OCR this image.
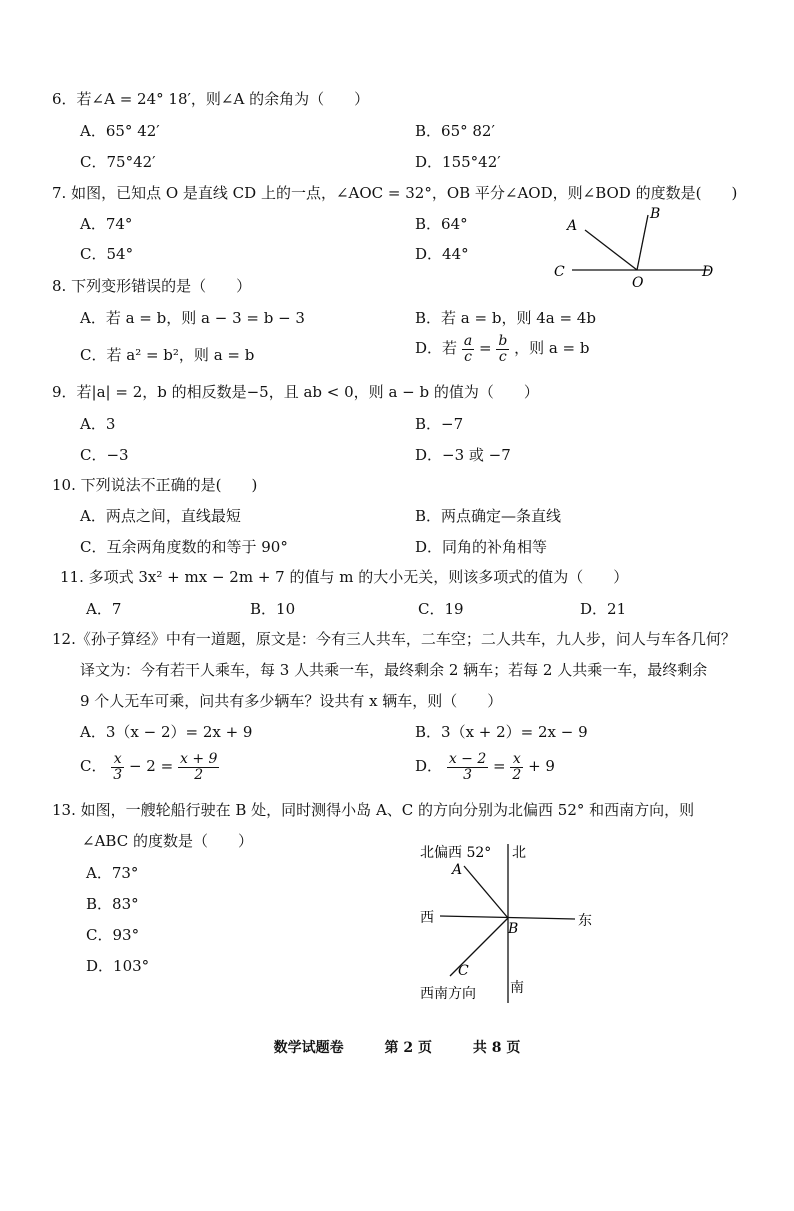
6．若∠A = 24° 18′，则∠A 的余角为（　　）
A．65° 42′	B．65° 82′
C．75°42′	D．155°42′
7. 如图，已知点 O 是直线 CD 上的一点，∠AOC = 32°，OB 平分∠AOD，则∠BOD 的度数是(　　)
A．74°	B．64°
C．54°	D．44°
A
B
C
O
D
8. 下列变形错误的是（　　）
A．若 a = b，则 a − 3 = b − 3	B．若 a = b，则 4a = 4b
C．若 a² = b²，则 a = b	D．若 $\frac{a}{c} = \frac{b}{c}$ ，则 a = b
9．若|a| = 2，b 的相反数是−5，且 ab < 0，则 a − b 的值为（　　）
A．3	B．−7
C．−3	D．−3 或 −7
10. 下列说法不正确的是(　　)
A．两点之间，直线最短	B．两点确定—条直线
C．互余两角度数的和等于 90°	D．同角的补角相等
11. 多项式 3x² + mx − 2m + 7 的值与 m 的大小无关，则该多项式的值为（　　）
A．7	B．10	C．19	D．21
12.《孙子算经》中有一道题，原文是：今有三人共车，二车空；二人共车，九人步，问人与车各几何？
译文为：今有若干人乘车，每 3 人共乘一车，最终剩余 2 辆车；若每 2 人共乘一车，最终剩余
9 个人无车可乘，问共有多少辆车？设共有 x 辆车，则（　　）
A．3（x − 2）= 2x + 9	B．3（x + 2）= 2x − 9
C． $\frac{x}{3} - 2 = \frac{x + 9}{2}$	D． $\frac{x - 2}{3} = \frac{x}{2} + 9$
13. 如图，一艘轮船行驶在 B 处，同时测得小岛 A、C 的方向分别为北偏西 52° 和西南方向，则
∠ABC 的度数是（　　）
A．73°
B．83°
C．93°
D．103°
北偏西 52° 北
A
西	东
B
C
南
西南方向
数学试题卷	第 2 页	共 8 页
